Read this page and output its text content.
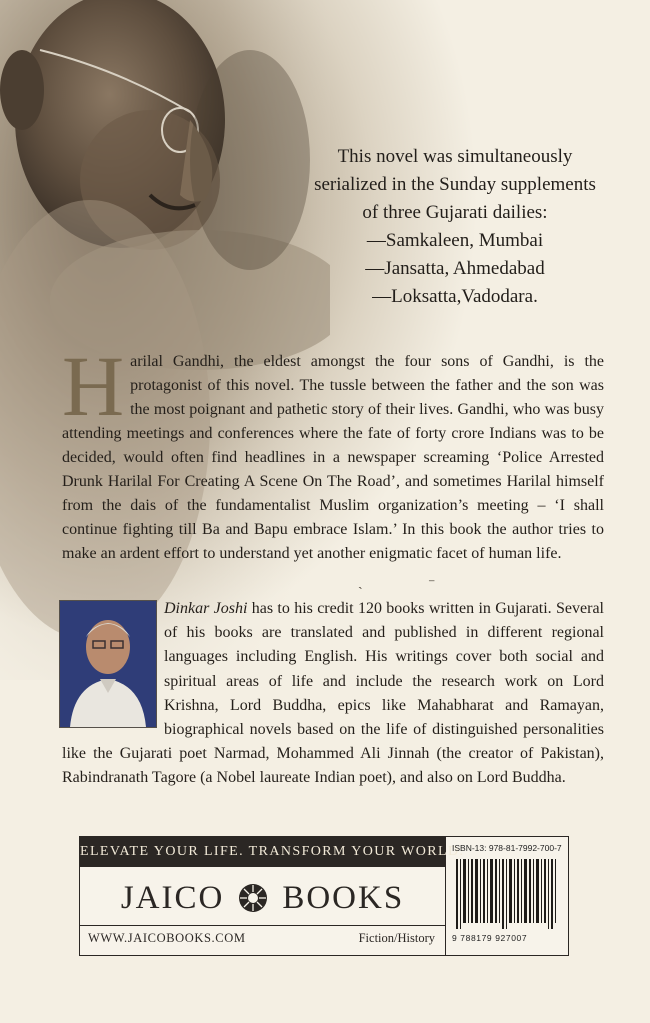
This novel was simultaneously
serialized in the Sunday supplements
of three Gujarati dailies:
—Samkaleen, Mumbai
—Jansatta, Ahmedabad
—Loksatta,Vadodara.
Harilal Gandhi, the eldest amongst the four sons of Gandhi, is the protagonist of this novel. The tussle between the father and the son was the most poignant and pathetic story of their lives. Gandhi, who was busy attending meetings and conferences where the fate of forty crore Indians was to be decided, would often find headlines in a newspaper screaming ‘Police Arrested Drunk Harilal For Creating A Scene On The Road’, and sometimes Harilal himself from the dais of the fundamentalist Muslim organization’s meeting – ‘I shall continue fighting till Ba and Bapu embrace Islam.’ In this book the author tries to make an ardent effort to understand yet another enigmatic facet of human life.
Dinkar Joshi has to his credit 120 books written in Gujarati. Several of his books are translated and published in different regional languages including English. His writings cover both social and spiritual areas of life and include the research work on Lord Krishna, Lord Buddha, epics like Mahabharat and Ramayan, biographical novels based on the life of distinguished personalities like the Gujarati poet Narmad, Mohammed Ali Jinnah (the creator of Pakistan), Rabindranath Tagore (a Nobel laureate Indian poet), and also on Lord Buddha.
ˏ	⁻
ELEVATE YOUR LIFE. TRANSFORM YOUR WORLD.
JAICO BOOKS
WWW.JAICOBOOKS.COM	Fiction/History
ISBN-13: 978-81-7992-700-7
9 788179 927007
